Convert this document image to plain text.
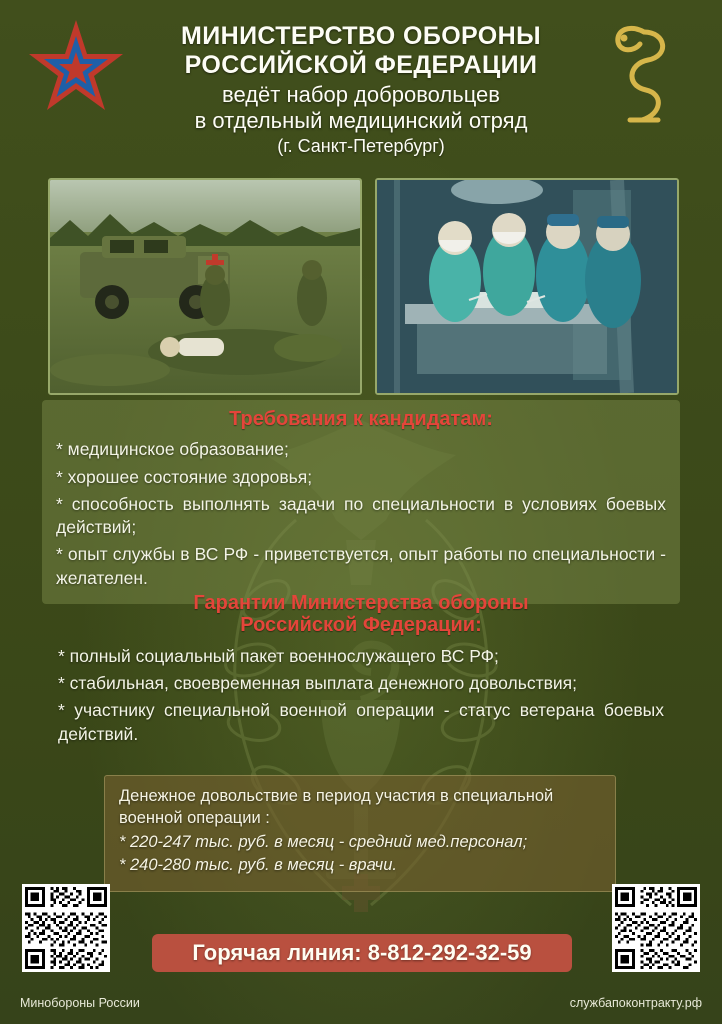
МИНИСТЕРСТВО ОБОРОНЫ
РОССИЙСКОЙ ФЕДЕРАЦИИ
ведёт набор добровольцев
в отдельный медицинский отряд
(г. Санкт-Петербург)
Требования к кандидатам:

* медицинское образование;

* хорошее состояние здоровья;

* способность выполнять задачи по специальности в условиях боевых действий;

* опыт службы в ВС РФ - приветствуется, опыт работы по специальности - желателен.

Гарантии Министерства обороны
Российской Федерации:

* полный социальный пакет военнослужащего ВС РФ;

* стабильная, своевременная выплата денежного довольствия;

* участнику специальной военной операции - статус ветерана боевых действий.

Денежное довольствие в период участия в специальной военной операции :

* 220-247 тыс. руб. в месяц - средний мед.персонал;

* 240-280 тыс. руб. в месяц - врачи.

Горячая линия: 8-812-292-32-59
Минобороны России	службапоконтракту.рф
